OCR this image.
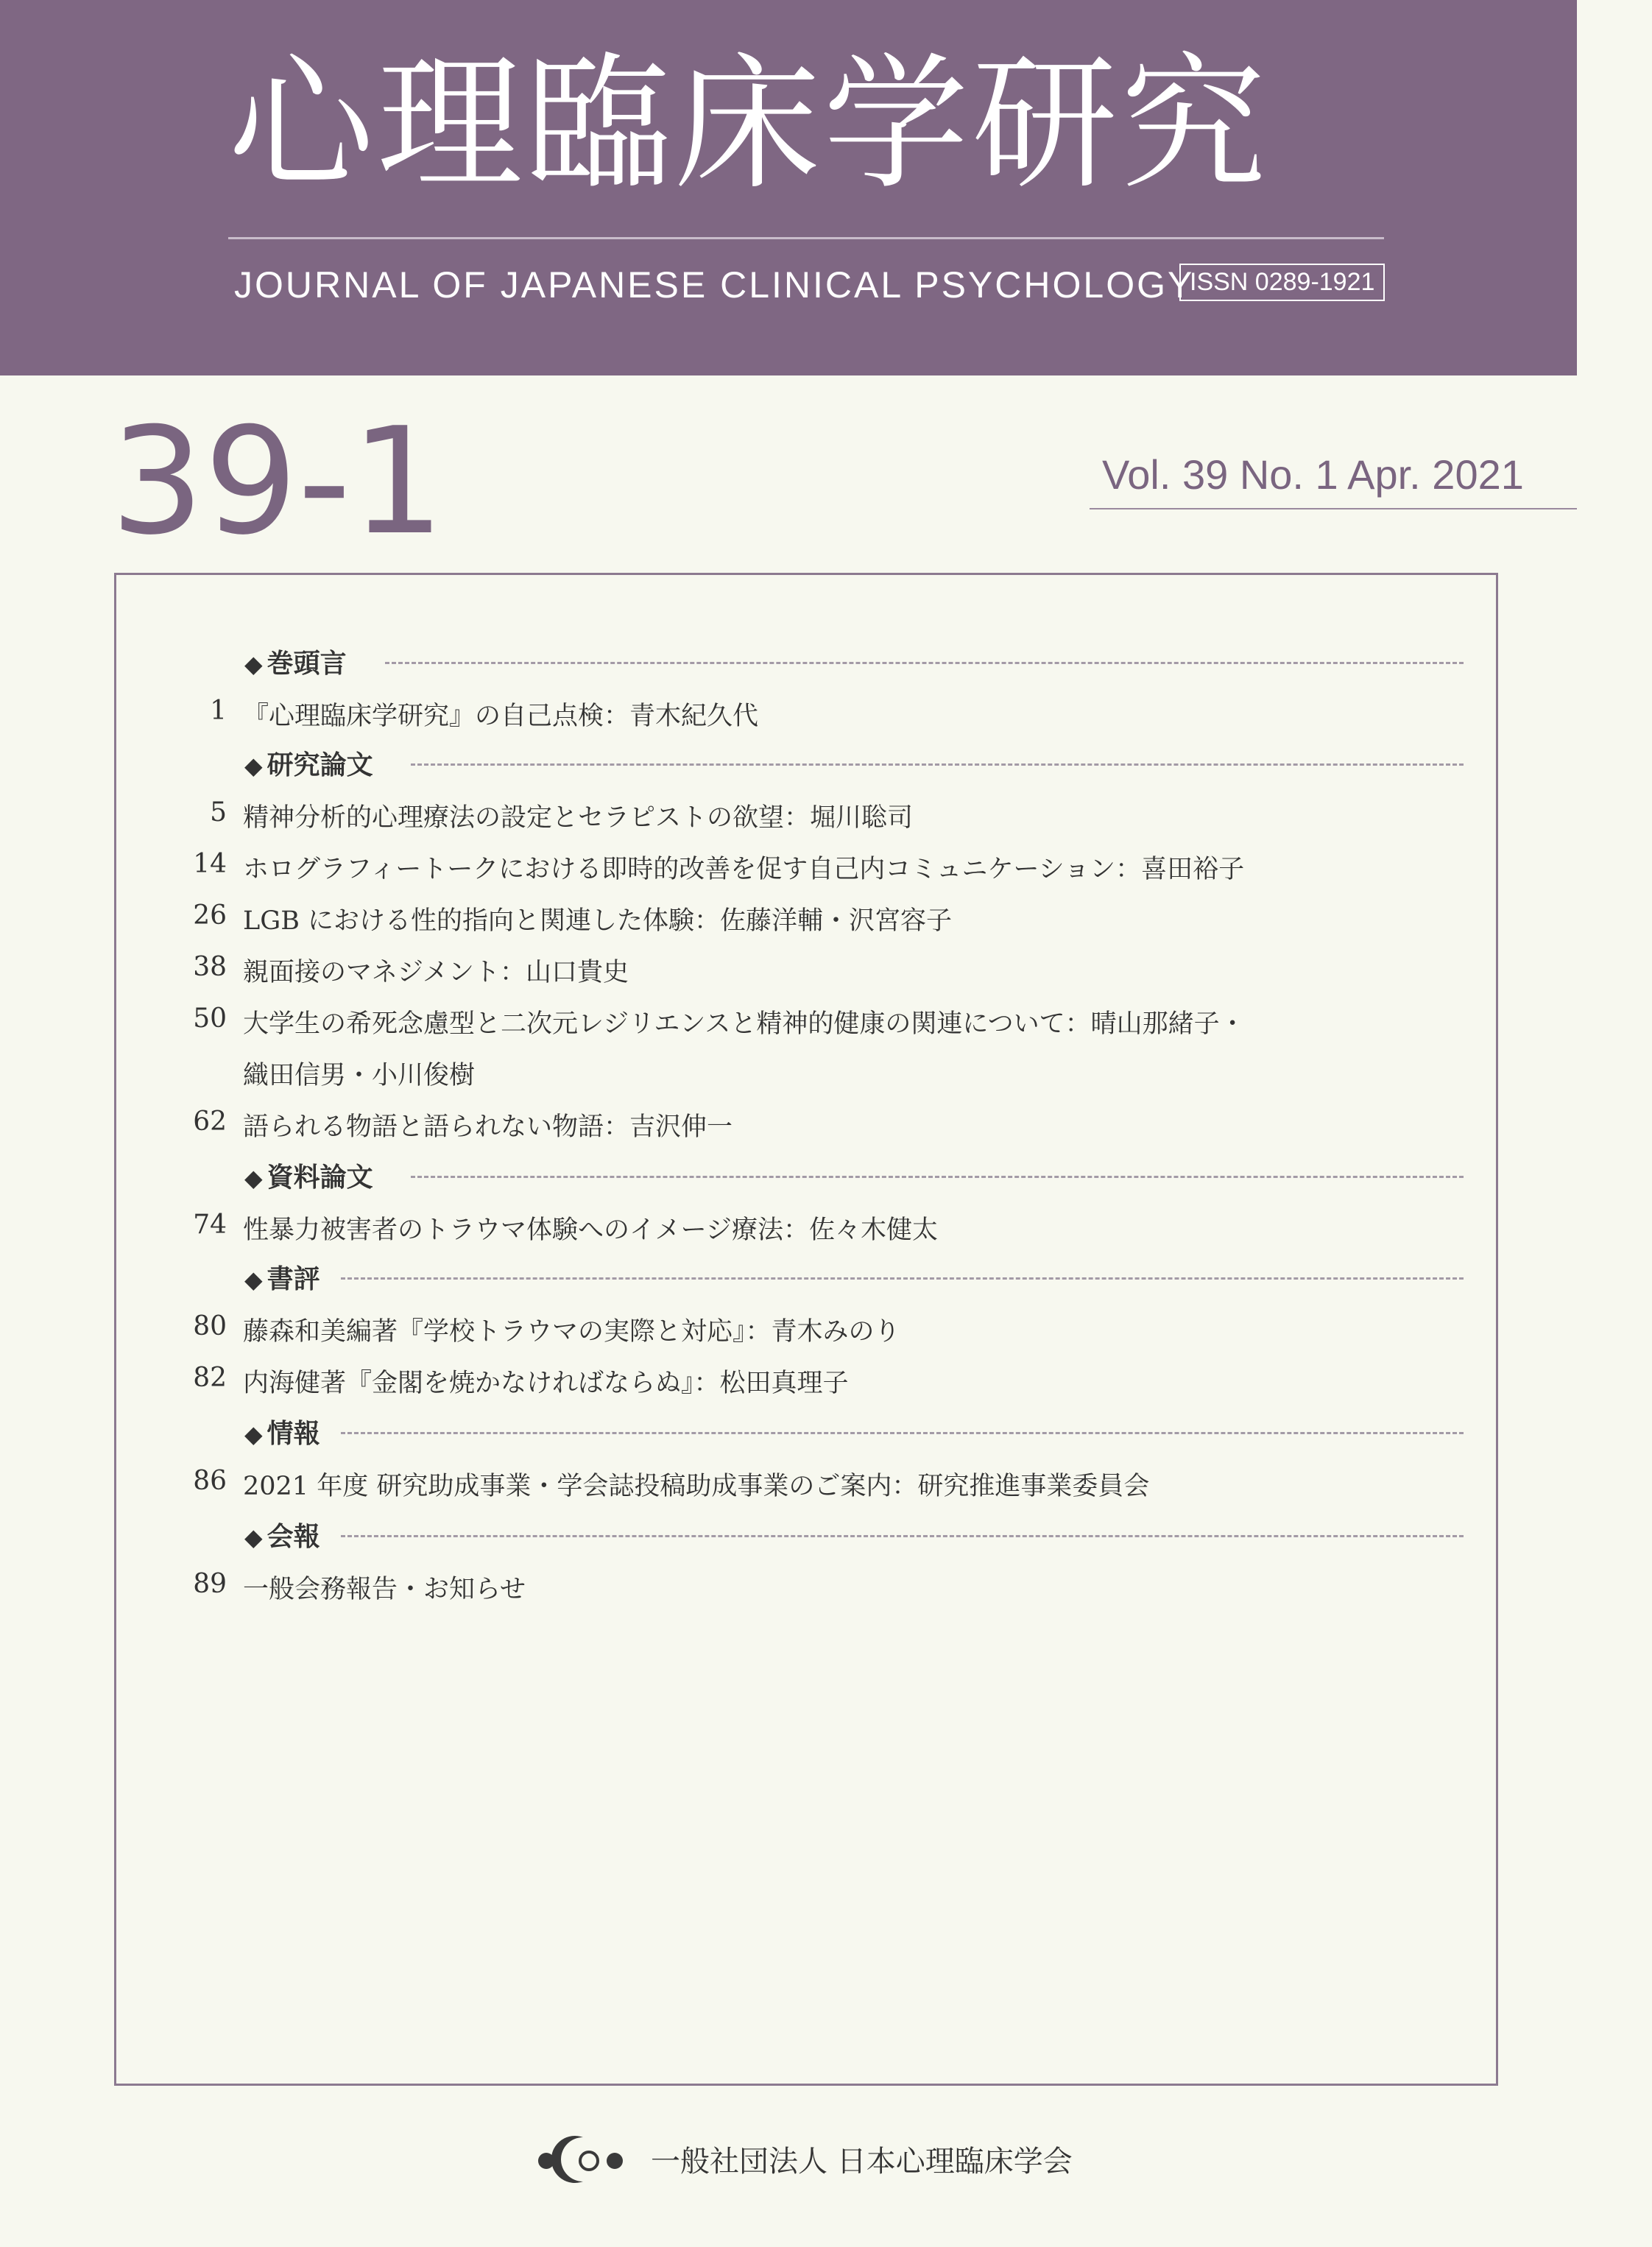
心理臨床学研究
JOURNAL OF JAPANESE CLINICAL PSYCHOLOGY
ISSN 0289-1921
39-1	Vol. 39 No. 1 Apr. 2021
◆ 巻頭言
1 『心理臨床学研究』の自己点検：青木紀久代
◆ 研究論文
5 精神分析的心理療法の設定とセラピストの欲望：堀川聡司
14 ホログラフィートークにおける即時的改善を促す自己内コミュニケーション：喜田裕子
26 LGB における性的指向と関連した体験：佐藤洋輔・沢宮容子
38 親面接のマネジメント：山口貴史
50 大学生の希死念慮型と二次元レジリエンスと精神的健康の関連について：晴山那緒子・
織田信男・小川俊樹
62 語られる物語と語られない物語：吉沢伸一
◆ 資料論文
74 性暴力被害者のトラウマ体験へのイメージ療法：佐々木健太
◆ 書評
80 藤森和美編著『学校トラウマの実際と対応』：青木みのり
82 内海健著『金閣を焼かなければならぬ』：松田真理子
◆ 情報
86 2021 年度 研究助成事業・学会誌投稿助成事業のご案内：研究推進事業委員会
◆ 会報
89 一般会務報告・お知らせ
一般社団法人 日本心理臨床学会
